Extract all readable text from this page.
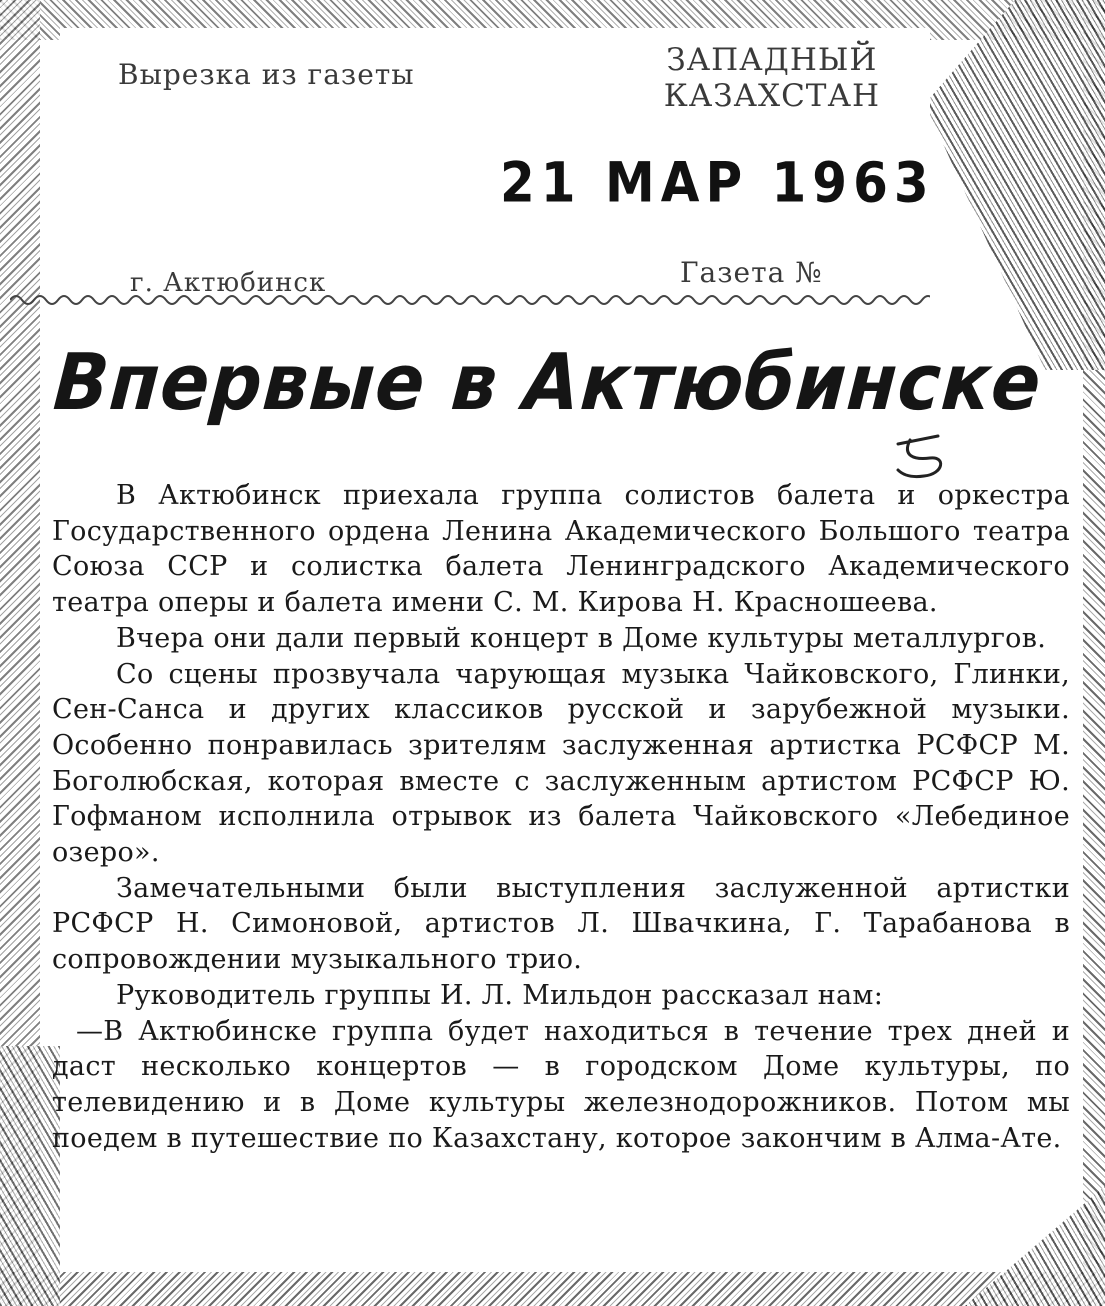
Вырезка из газеты	ЗАПАДНЫЙ
КАЗАХСТАН
21 МАР 1963
г. Актюбинск	Газета №
Впервые в Актюбинске

В Актюбинск приехала группа солистов балета и оркестра Государственного ордена Ленина Академического Большого театра Союза ССР и солистка балета Ленинградского Академического театра оперы и балета имени С. М. Кирова Н. Красношеева.

Вчера они дали первый концерт в Доме культуры металлургов.

Со сцены прозвучала чарующая музыка Чайковского, Глинки, Сен-Санса и других классиков русской и зарубежной музыки. Особенно понравилась зрителям заслуженная артистка РСФСР М. Боголюбская, которая вместе с заслуженным артистом РСФСР Ю. Гофманом исполнила отрывок из балета Чайковского «Лебединое озеро».

Замечательными были выступления заслуженной артистки РСФСР Н. Симоновой, артистов Л. Швачкина, Г. Тарабанова в сопровождении музыкального трио.

Руководитель группы И. Л. Мильдон рассказал нам:

—В Актюбинске группа будет находиться в течение трех дней и даст несколько концертов — в городском Доме культуры, по телевидению и в Доме культуры железнодорожников. Потом мы поедем в путешествие по Казахстану, которое закончим в Алма-Ате.
